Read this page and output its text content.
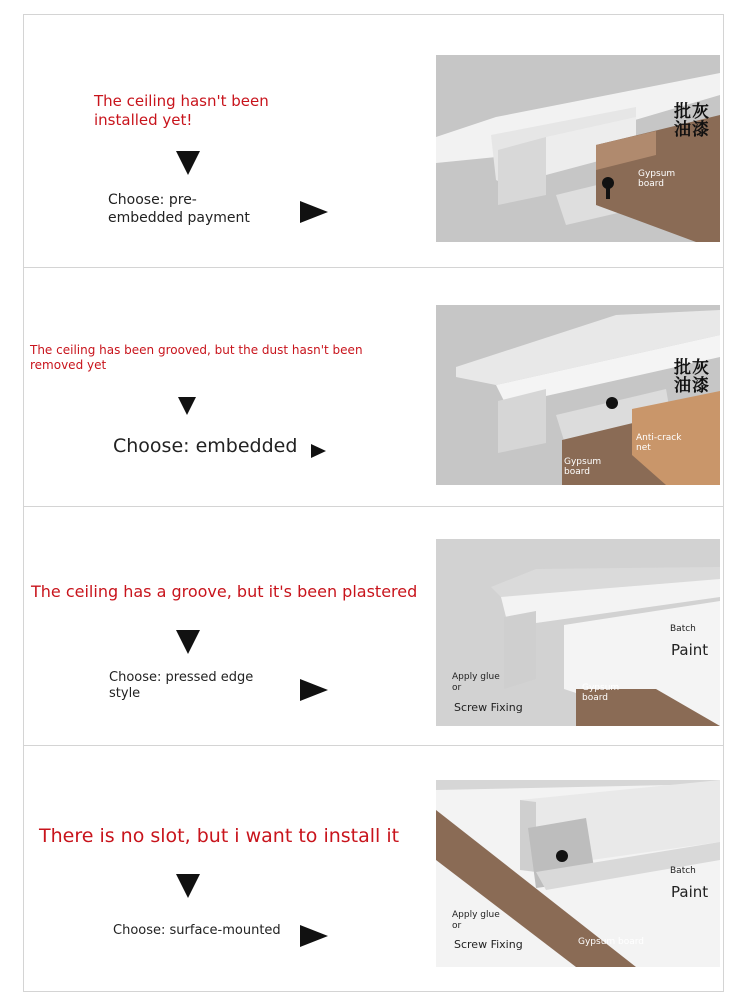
The ceiling hasn't been installed yet!
Choose: pre-embedded payment
批灰油漆
Gypsum board
The ceiling has been grooved, but the dust hasn't been removed yet
Choose: embedded
批灰油漆
Anti-crack net
Gypsum board
The ceiling has a groove, but it's been plastered
Choose: pressed edge style
Batch
Paint
Apply glue or
Screw Fixing
Gypsum board
There is no slot, but i want to install it
Choose: surface-mounted
Batch
Paint
Apply glue or
Screw Fixing	Gypsum board
